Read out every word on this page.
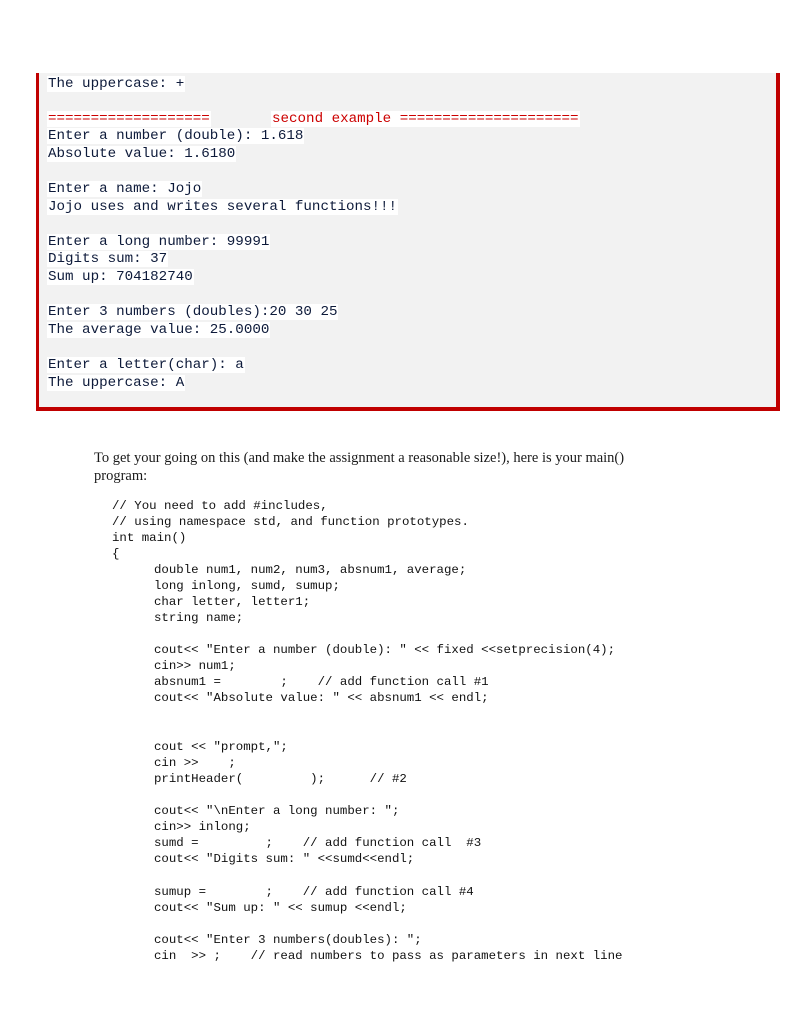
The uppercase: +
===================	second example =====================
Enter a number (double): 1.618
Absolute value: 1.6180
Enter a name: Jojo
Jojo uses and writes several functions!!!
Enter a long number: 99991
Digits sum: 37
Sum up: 704182740
Enter 3 numbers (doubles):20 30 25
The average value: 25.0000
Enter a letter(char): a
The uppercase: A
To get your going on this (and make the assignment a reasonable size!), here is your main()
program:
// You need to add #includes,
// using namespace std, and function prototypes.
int main()
{
double num1, num2, num3, absnum1, average;
long inlong, sumd, sumup;
char letter, letter1;
string name;
cout<< "Enter a number (double): " << fixed <<setprecision(4);
cin>> num1;
absnum1 =        ;    // add function call #1
cout<< "Absolute value: " << absnum1 << endl;
cout << "prompt,";
cin >>    ;
printHeader(         );      // #2
cout<< "\nEnter a long number: ";
cin>> inlong;
sumd =         ;    // add function call  #3
cout<< "Digits sum: " <<sumd<<endl;
sumup =        ;    // add function call #4
cout<< "Sum up: " << sumup <<endl;
cout<< "Enter 3 numbers(doubles): ";
cin  >> ;    // read numbers to pass as parameters in next line
